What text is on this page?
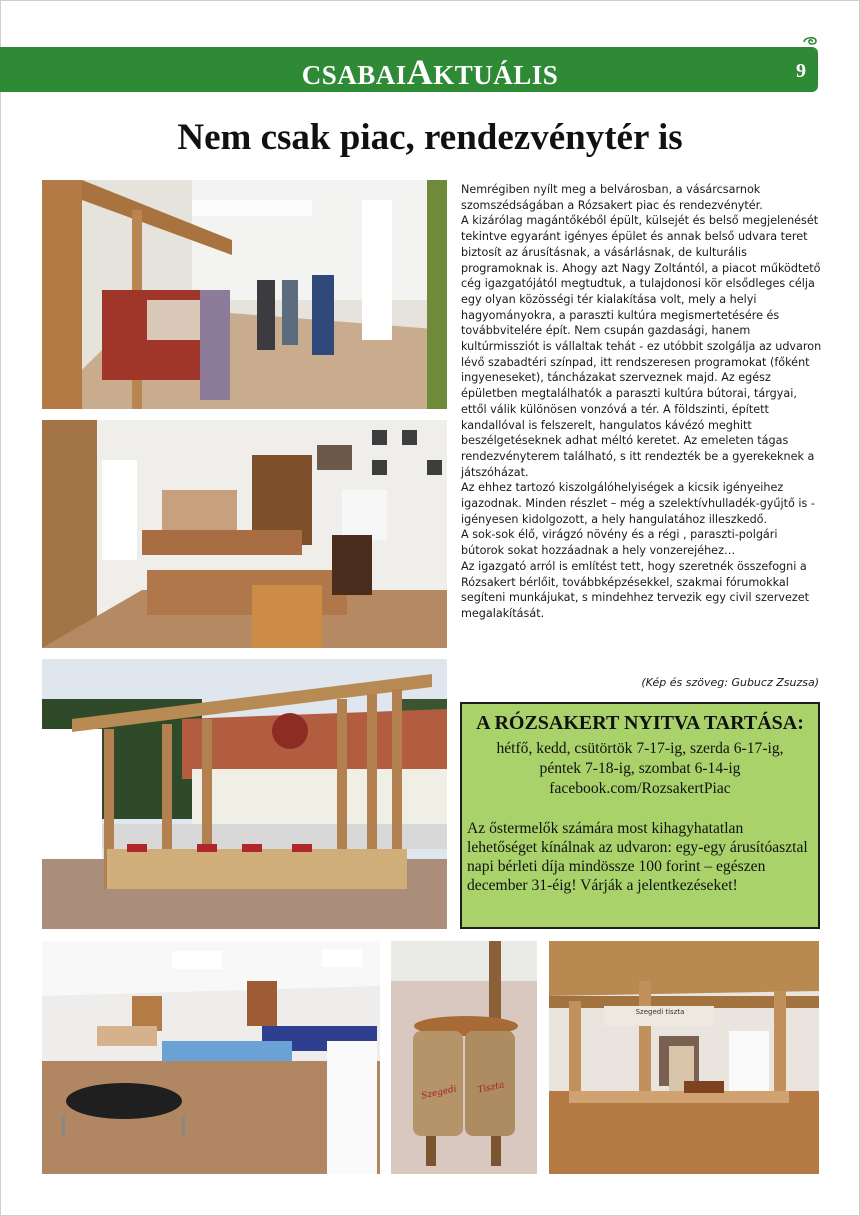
CSABAIAKTUÁLIS	9
Nem csak piac, rendezvénytér is

Nemrégiben nyílt meg a belvárosban, a vásárcsarnok szomszédságában a Rózsakert piac és rendezvénytér.

A kizárólag magántőkéből épült, külsejét és belső megjelenését tekintve egyaránt igényes épület és annak belső udvara teret biztosít az árusításnak, a vásárlásnak, de kulturális programoknak is. Ahogy azt Nagy Zoltántól, a piacot működtető cég igazgatójától megtudtuk, a tulajdonosi kör elsődleges célja egy olyan közösségi tér kialakítása volt, mely a helyi hagyományokra, a paraszti kultúra megismertetésére és továbbvitelére épít. Nem csupán gazdasági, hanem kultúrmissziót is vállaltak tehát - ez utóbbit szolgálja az udvaron lévő szabadtéri színpad, itt rendszeresen programokat (főként ingyeneseket), táncházakat szerveznek majd. Az egész épületben megtalálhatók a paraszti kultúra bútorai, tárgyai, ettől válik különösen vonzóvá a tér. A földszinti, épített kandallóval is felszerelt, hangulatos kávézó meghitt beszélgetéseknek adhat méltó keretet. Az emeleten tágas rendezvényterem található, s itt rendezték be a gyerekeknek a játszóházat.

Az ehhez tartozó kiszolgálóhelyiségek a kicsik igényeihez igazodnak. Minden részlet – még a szelektívhulladék-gyűjtő is - igényesen kidolgozott, a hely hangulatához illeszkedő.

A sok-sok élő, virágzó növény és a régi , paraszti-polgári bútorok sokat hozzáadnak a hely vonzerejéhez…

Az igazgató arról is említést tett, hogy szeretnék összefogni a Rózsakert bérlőit, továbbképzésekkel, szakmai fórumokkal segíteni munkájukat, s mindehhez tervezik egy civil szervezet megalakítását.

(Kép és szöveg: Gubucz Zsuzsa)
A RÓZSAKERT NYITVA TARTÁSA:
hétfő, kedd, csütörtök 7-17-ig, szerda 6-17-ig,
péntek 7-18-ig, szombat 6-14-ig
facebook.com/RozsakertPiac
Az őstermelők számára most kihagyhatatlan lehetőséget kínálnak az udvaron: egy-egy árusítóasztal napi bérleti díja mindössze 100 forint – egészen december 31-éig! Várják a jelentkezéseket!
Szegedi	Tiszta
Szegedi tiszta
